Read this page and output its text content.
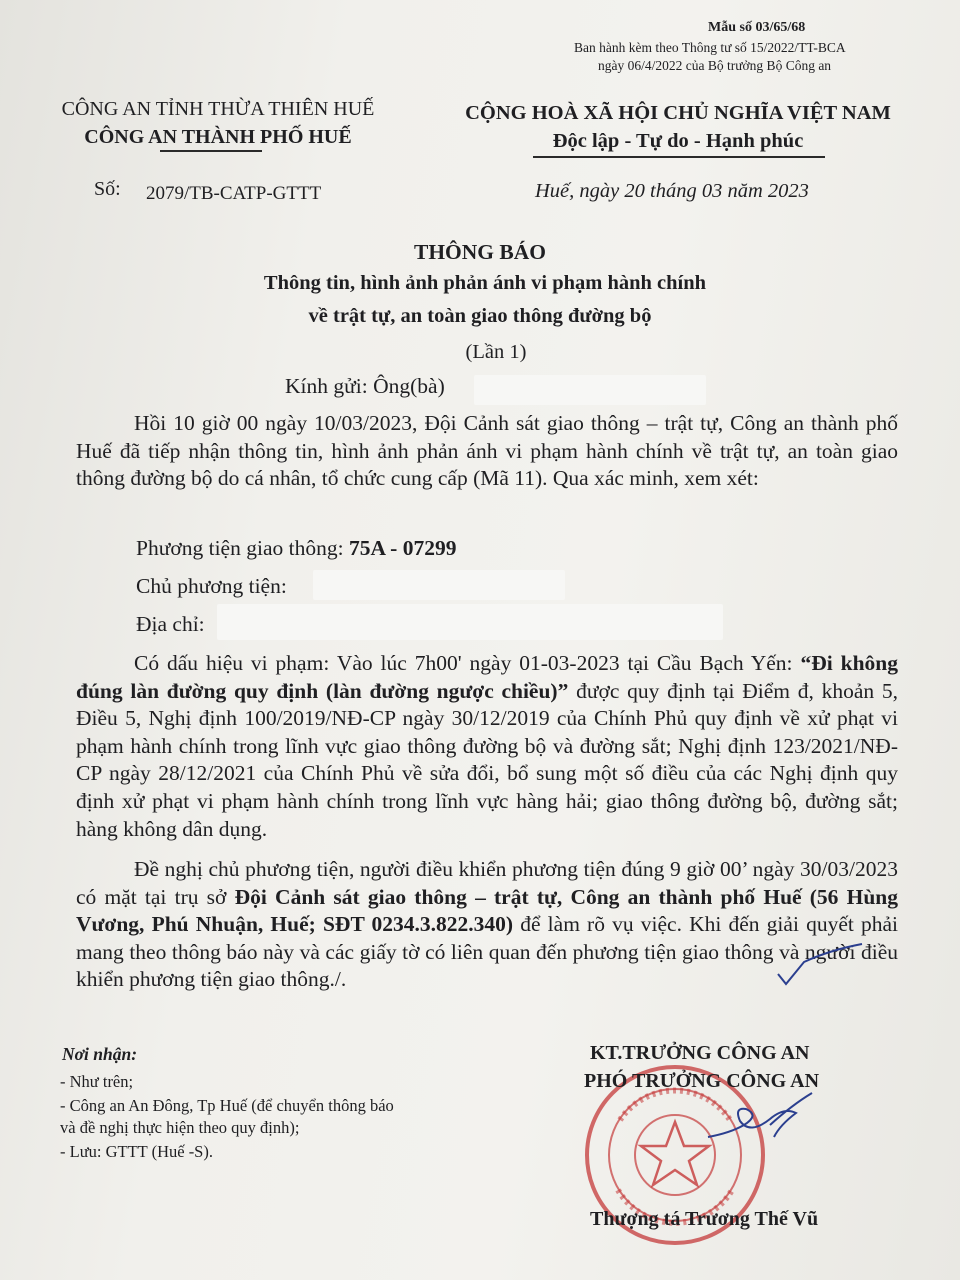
Mẫu số 03/65/68
Ban hành kèm theo Thông tư số 15/2022/TT-BCA
ngày 06/4/2022 của Bộ trưởng Bộ Công an
CÔNG AN TỈNH THỪA THIÊN HUẾ
CÔNG AN THÀNH PHỐ HUẾ
Số: 2079/TB-CATP-GTTT
CỘNG HOÀ XÃ HỘI CHỦ NGHĨA VIỆT NAM
Độc lập - Tự do - Hạnh phúc
Huế, ngày 20 tháng 03 năm 2023
THÔNG BÁO
Thông tin, hình ảnh phản ánh vi phạm hành chính
về trật tự, an toàn giao thông đường bộ
(Lần 1)
Kính gửi: Ông(bà)
Hồi 10 giờ 00 ngày 10/03/2023, Đội Cảnh sát giao thông – trật tự, Công an thành phố Huế đã tiếp nhận thông tin, hình ảnh phản ánh vi phạm hành chính về trật tự, an toàn giao thông đường bộ do cá nhân, tổ chức cung cấp (Mã 11). Qua xác minh, xem xét:
Phương tiện giao thông: 75A - 07299
Chủ phương tiện:
Địa chỉ:
Có dấu hiệu vi phạm: Vào lúc 7h00' ngày 01-03-2023 tại Cầu Bạch Yến: “Đi không đúng làn đường quy định (làn đường ngược chiều)” được quy định tại Điểm đ, khoản 5, Điều 5, Nghị định 100/2019/NĐ-CP ngày 30/12/2019 của Chính Phủ quy định về xử phạt vi phạm hành chính trong lĩnh vực giao thông đường bộ và đường sắt; Nghị định 123/2021/NĐ-CP ngày 28/12/2021 của Chính Phủ về sửa đổi, bổ sung một số điều của các Nghị định quy định xử phạt vi phạm hành chính trong lĩnh vực hàng hải; giao thông đường bộ, đường sắt; hàng không dân dụng.
Đề nghị chủ phương tiện, người điều khiển phương tiện đúng 9 giờ 00’ ngày 30/03/2023 có mặt tại trụ sở Đội Cảnh sát giao thông – trật tự, Công an thành phố Huế (56 Hùng Vương, Phú Nhuận, Huế; SĐT 0234.3.822.340) để làm rõ vụ việc. Khi đến giải quyết phải mang theo thông báo này và các giấy tờ có liên quan đến phương tiện giao thông và người điều khiển phương tiện giao thông./.
Nơi nhận:
- Như trên;
- Công an An Đông, Tp Huế (để chuyển thông báo
và đề nghị thực hiện theo quy định);
- Lưu: GTTT (Huế -S).
KT.TRƯỞNG CÔNG AN
PHÓ TRƯỞNG CÔNG AN
Thượng tá Trương Thế Vũ
